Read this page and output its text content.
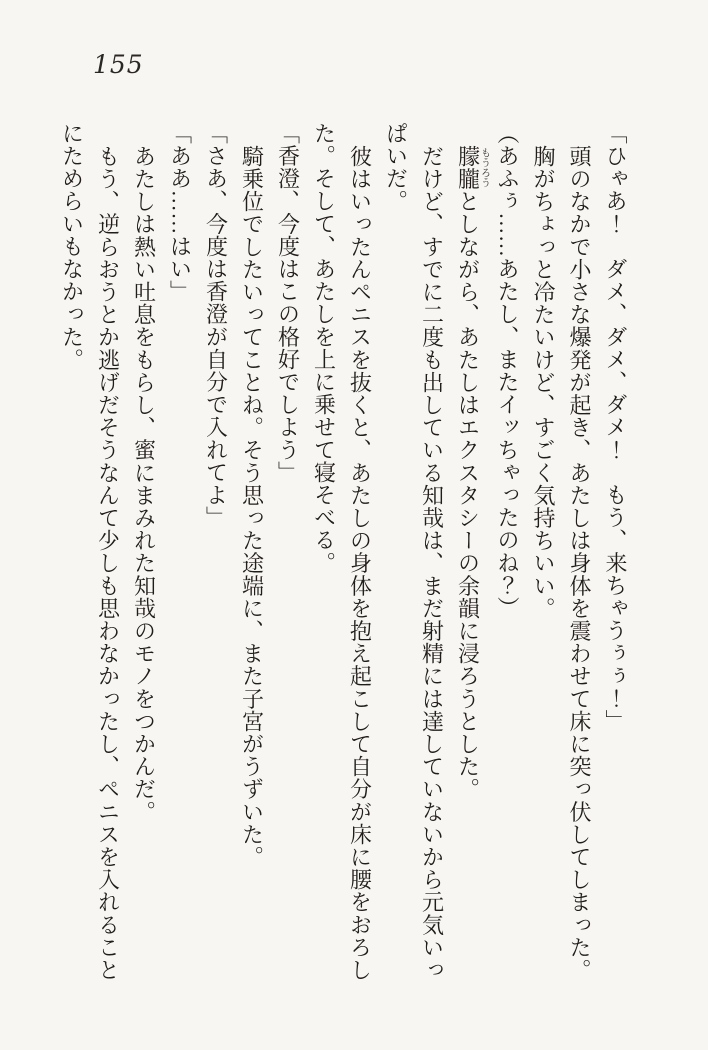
155

「ひゃあ！　ダメ、ダメ、ダメ！　もう、来ちゃうぅぅ！」

頭のなかで小さな爆発が起き、あたしは身体を震わせて床に突っ伏してしまった。

胸がちょっと冷たいけど、すごく気持ちいい。

（あふぅ……あたし、またイッちゃったのね？）

朦朧もうろうとしながら、あたしはエクスタシーの余韻に浸ろうとした。

だけど、すでに二度も出している知哉は、まだ射精には達していないから元気いっぱいだ。

彼はいったんペニスを抜くと、あたしの身体を抱え起こして自分が床に腰をおろした。そして、あたしを上に乗せて寝そべる。

「香澄、今度はこの格好でしよう」

騎乗位でしたいってことね。そう思った途端に、また子宮がうずいた。

「さあ、今度は香澄が自分で入れてよ」

「ああ……はい」

あたしは熱い吐息をもらし、蜜にまみれた知哉のモノをつかんだ。

もう、逆らおうとか逃げだそうなんて少しも思わなかったし、ペニスを入れることにためらいもなかった。
